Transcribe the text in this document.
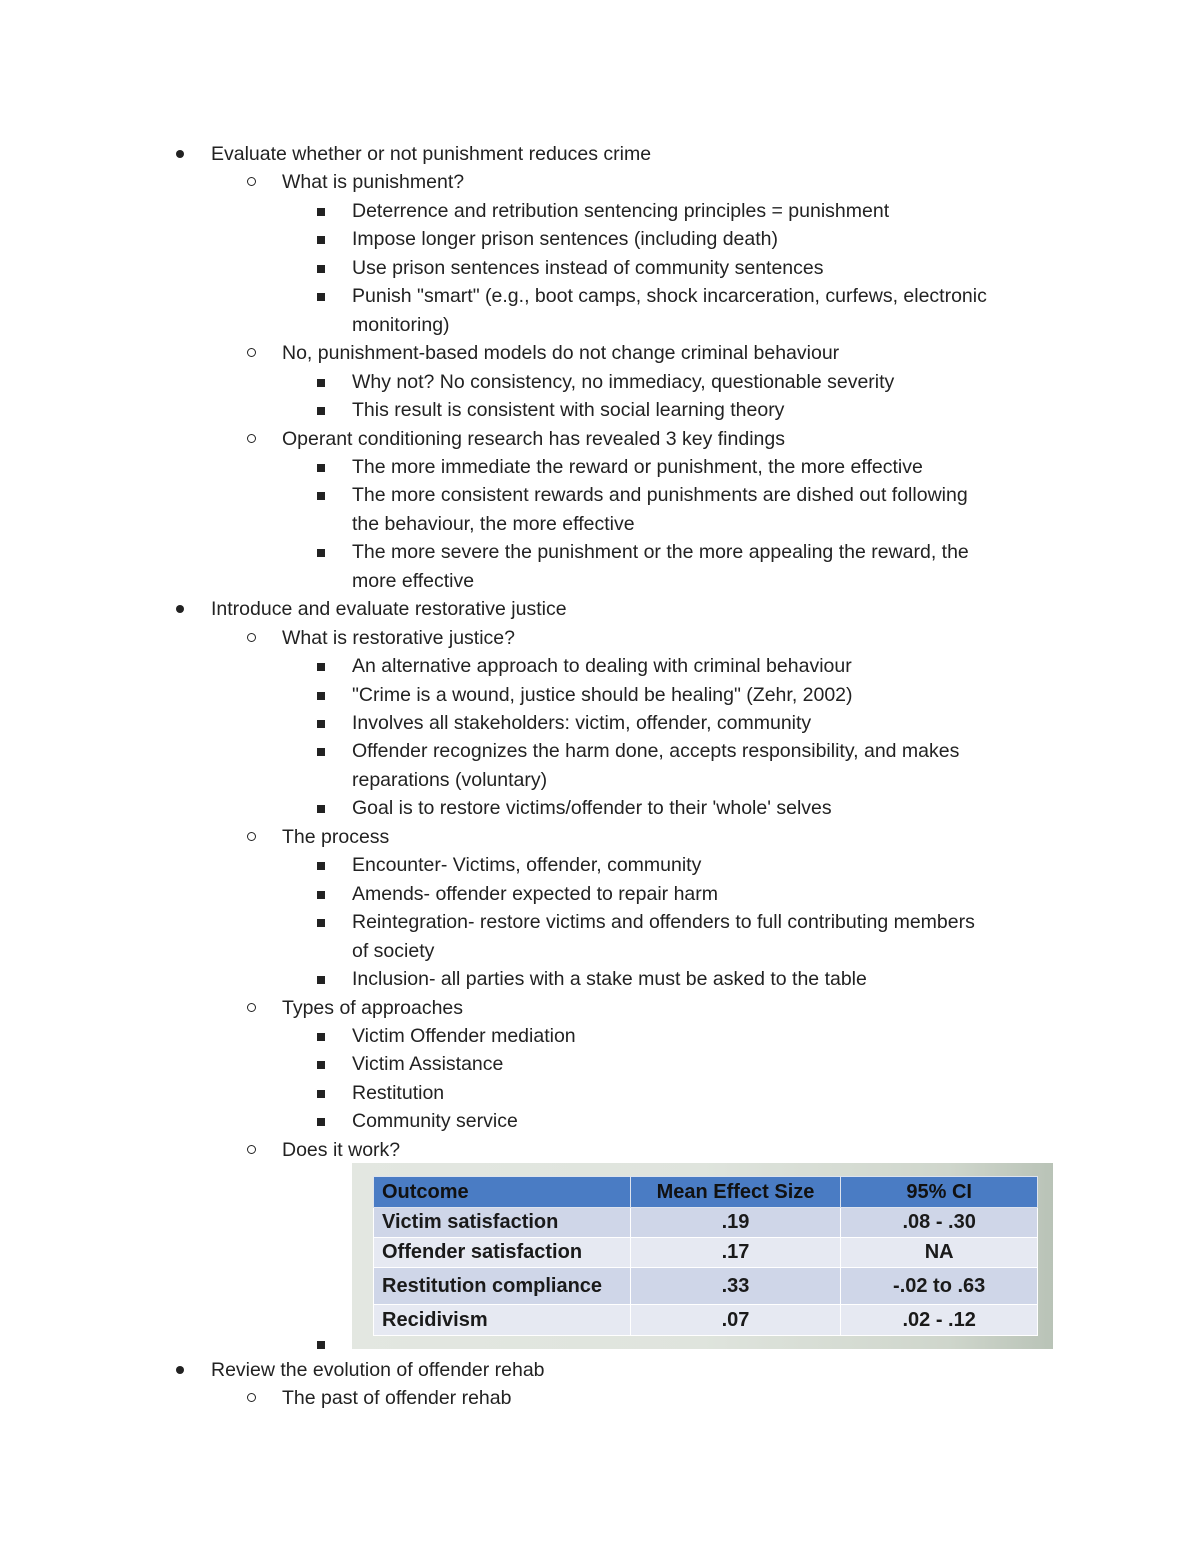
Evaluate whether or not punishment reduces crime
What is punishment?
Deterrence and retribution sentencing principles = punishment
Impose longer prison sentences (including death)
Use prison sentences instead of community sentences
Punish "smart" (e.g., boot camps, shock incarceration, curfews, electronic
monitoring)
No, punishment-based models do not change criminal behaviour
Why not? No consistency, no immediacy, questionable severity
This result is consistent with social learning theory
Operant conditioning research has revealed 3 key findings
The more immediate the reward or punishment, the more effective
The more consistent rewards and punishments are dished out following
the behaviour, the more effective
The more severe the punishment or the more appealing the reward, the
more effective
Introduce and evaluate restorative justice
What is restorative justice?
An alternative approach to dealing with criminal behaviour
"Crime is a wound, justice should be healing" (Zehr, 2002)
Involves all stakeholders: victim, offender, community
Offender recognizes the harm done, accepts responsibility, and makes
reparations (voluntary)
Goal is to restore victims/offender to their 'whole' selves
The process
Encounter- Victims, offender, community
Amends- offender expected to repair harm
Reintegration- restore victims and offenders to full contributing members
of society
Inclusion- all parties with a stake must be asked to the table
Types of approaches
Victim Offender mediation
Victim Assistance
Restitution
Community service
Does it work?
Outcome	Mean Effect Size	95% CI
Victim satisfaction	.19	.08 - .30
Offender satisfaction	.17	NA
Restitution compliance	.33	-.02 to .63
Recidivism	.07	.02 - .12
Review the evolution of offender rehab
The past of offender rehab
